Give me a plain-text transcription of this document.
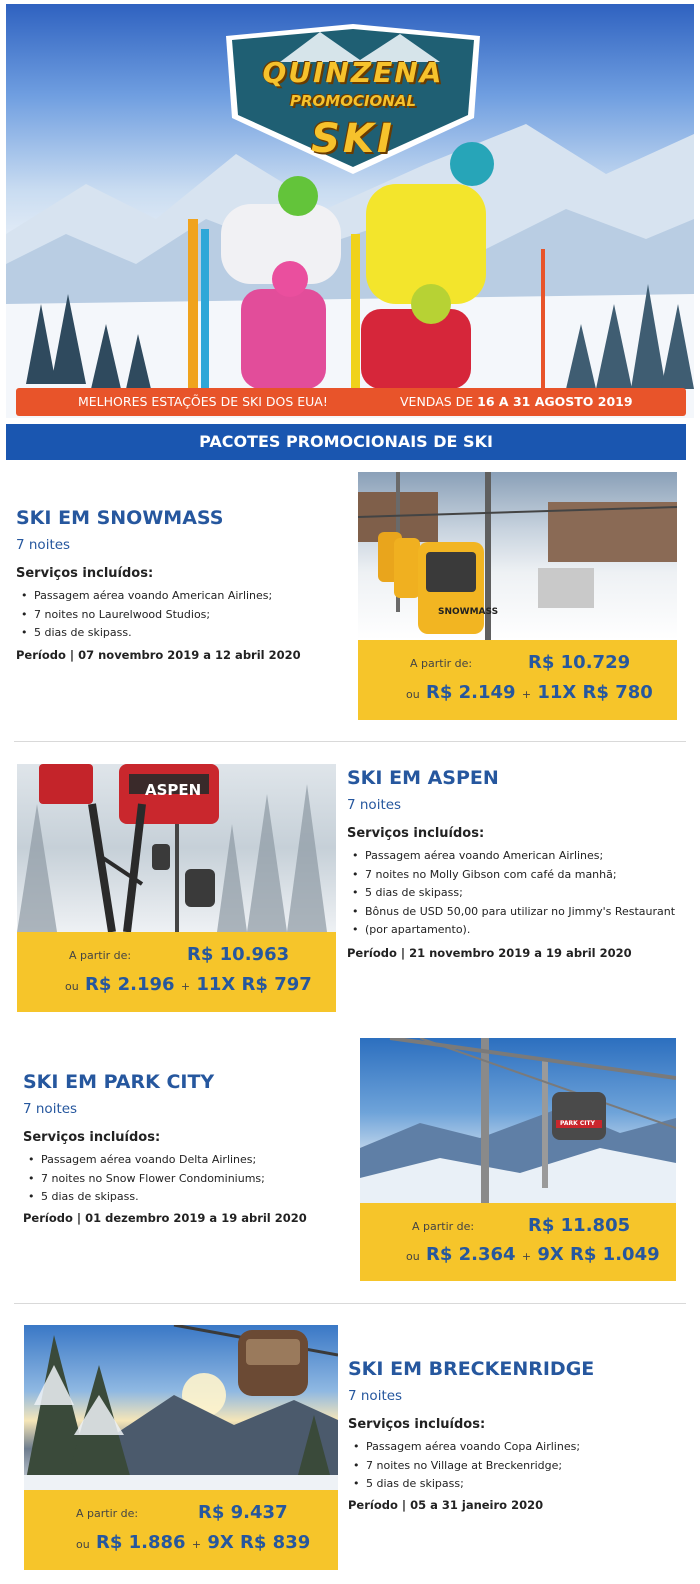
QUINZENA
PROMOCIONAL
SKI
MELHORES ESTAÇÕES DE SKI DOS EUA!	VENDAS DE 16 A 31 AGOSTO 2019
PACOTES PROMOCIONAIS DE SKI
SKI EM SNOWMASS
7 noites
Serviços incluídos:
• Passagem aérea voando American Airlines;
• 7 noites no Laurelwood Studios;
• 5 dias de skipass.
Período | 07 novembro 2019 a 12 abril 2020
SNOWMASS
A partir de:	R$ 10.729
ou R$ 2.149 + 11X R$ 780
ASPEN
A partir de:	R$ 10.963
ou R$ 2.196 + 11X R$ 797
SKI EM ASPEN
7 noites
Serviços incluídos:
• Passagem aérea voando American Airlines;
• 7 noites no Molly Gibson com café da manhã;
• 5 dias de skipass;
• Bônus de USD 50,00 para utilizar no Jimmy's Restaurant
• (por apartamento).
Período | 21 novembro 2019 a 19 abril 2020
SKI EM PARK CITY
7 noites
Serviços incluídos:
• Passagem aérea voando Delta Airlines;
• 7 noites no Snow Flower Condominiums;
• 5 dias de skipass.
Período | 01 dezembro 2019 a 19 abril 2020
PARK CITY
A partir de:	R$ 11.805
ou R$ 2.364 + 9X R$ 1.049
A partir de:	R$ 9.437
ou R$ 1.886 + 9X R$ 839
SKI EM BRECKENRIDGE
7 noites
Serviços incluídos:
• Passagem aérea voando Copa Airlines;
• 7 noites no Village at Breckenridge;
• 5 dias de skipass;
Período | 05 a 31 janeiro 2020
